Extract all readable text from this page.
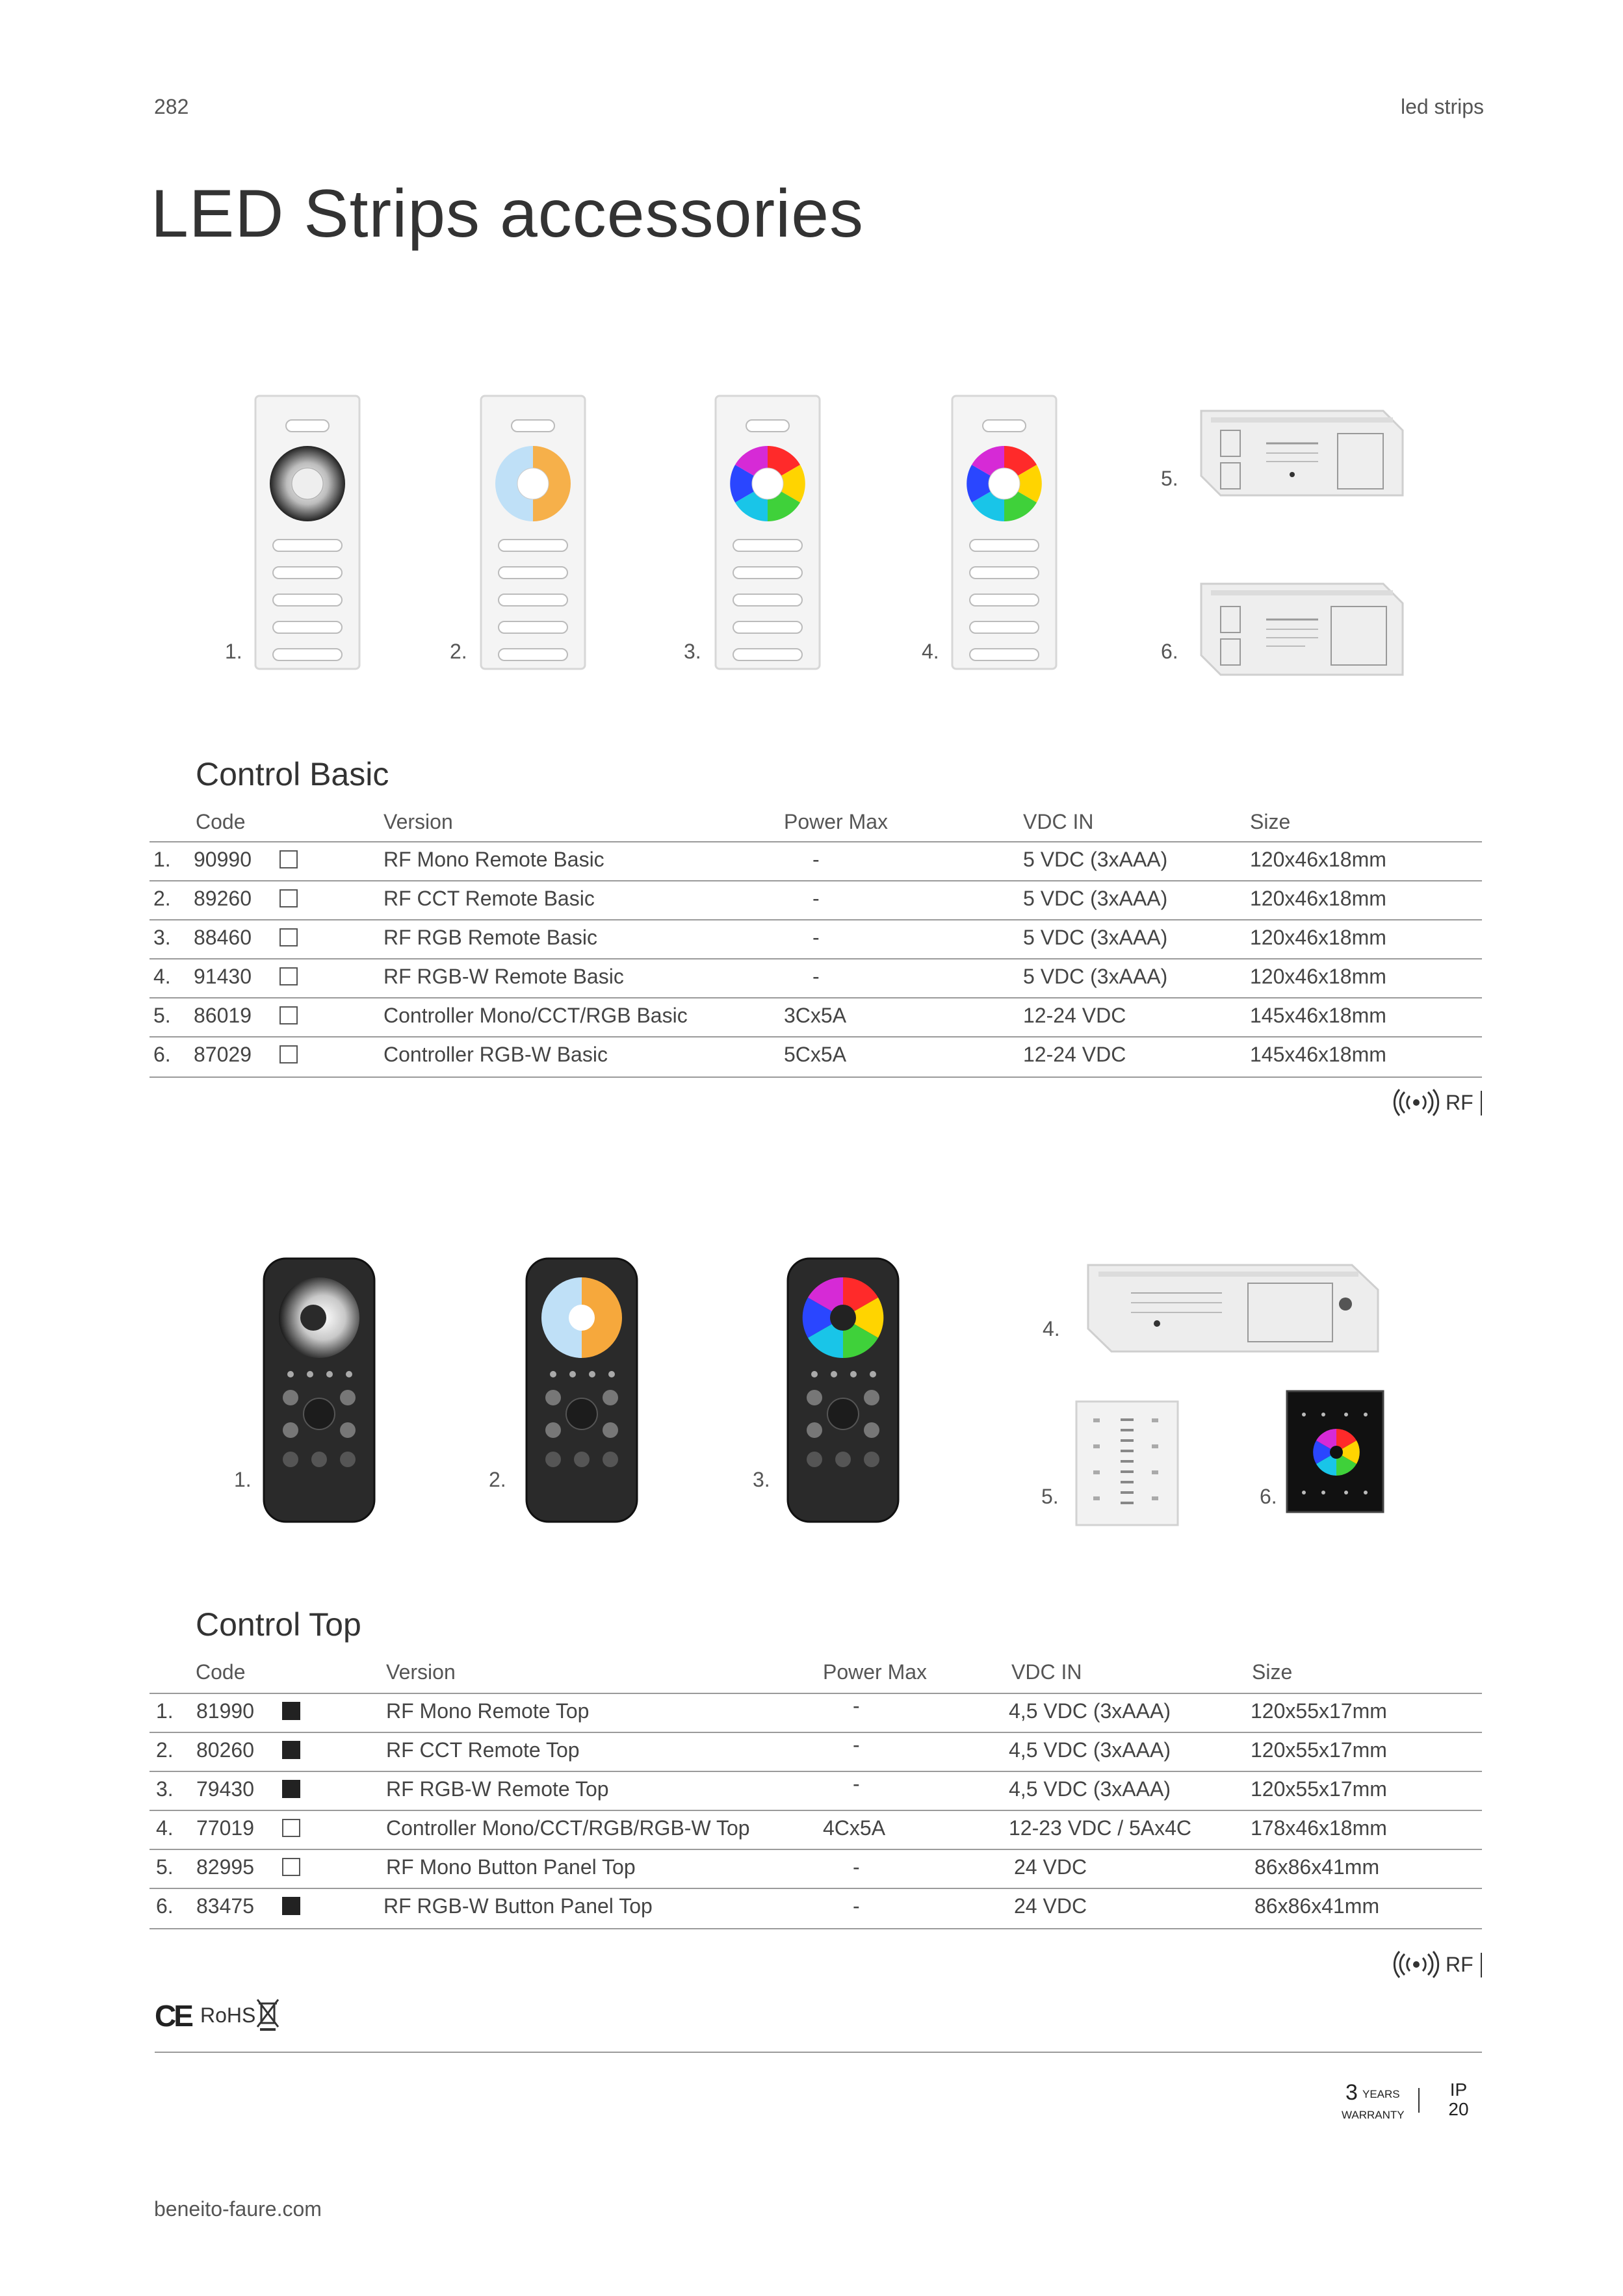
282	led strips
LED Strips accessories
1.	2.	3.	4.
5.
6.
Control Basic
Code	Version	Power Max	VDC IN	Size
1. 90990	RF Mono Remote Basic	-	5 VDC (3xAAA)	120x46x18mm
2. 89260	RF CCT Remote Basic	-	5 VDC (3xAAA)	120x46x18mm
3. 88460	RF RGB Remote Basic	-	5 VDC (3xAAA)	120x46x18mm
4. 91430	RF RGB-W Remote Basic	-	5 VDC (3xAAA)	120x46x18mm
5. 86019	Controller Mono/CCT/RGB Basic	3Cx5A	12-24 VDC	145x46x18mm
6. 87029	Controller RGB-W Basic	5Cx5A	12-24 VDC	145x46x18mm
RF
1.	2.	3.
4.
5.	6.
Control Top
Code	Version	Power Max	VDC IN	Size
1. 81990	RF Mono Remote Top	-	4,5 VDC (3xAAA)	120x55x17mm
2. 80260	RF CCT Remote Top	-	4,5 VDC (3xAAA)	120x55x17mm
3. 79430	RF RGB-W Remote Top	-	4,5 VDC (3xAAA)	120x55x17mm
4. 77019	Controller Mono/CCT/RGB/RGB-W Top	4Cx5A	12-23 VDC / 5Ax4C	178x46x18mm
5. 82995	RF Mono Button Panel Top	-	24 VDC	86x86x41mm
6. 83475	RF RGB-W Button Panel Top	-	24 VDC	86x86x41mm
RF
CE RoHS
3 YEARS
WARRANTY
IP
20
beneito-faure.com
